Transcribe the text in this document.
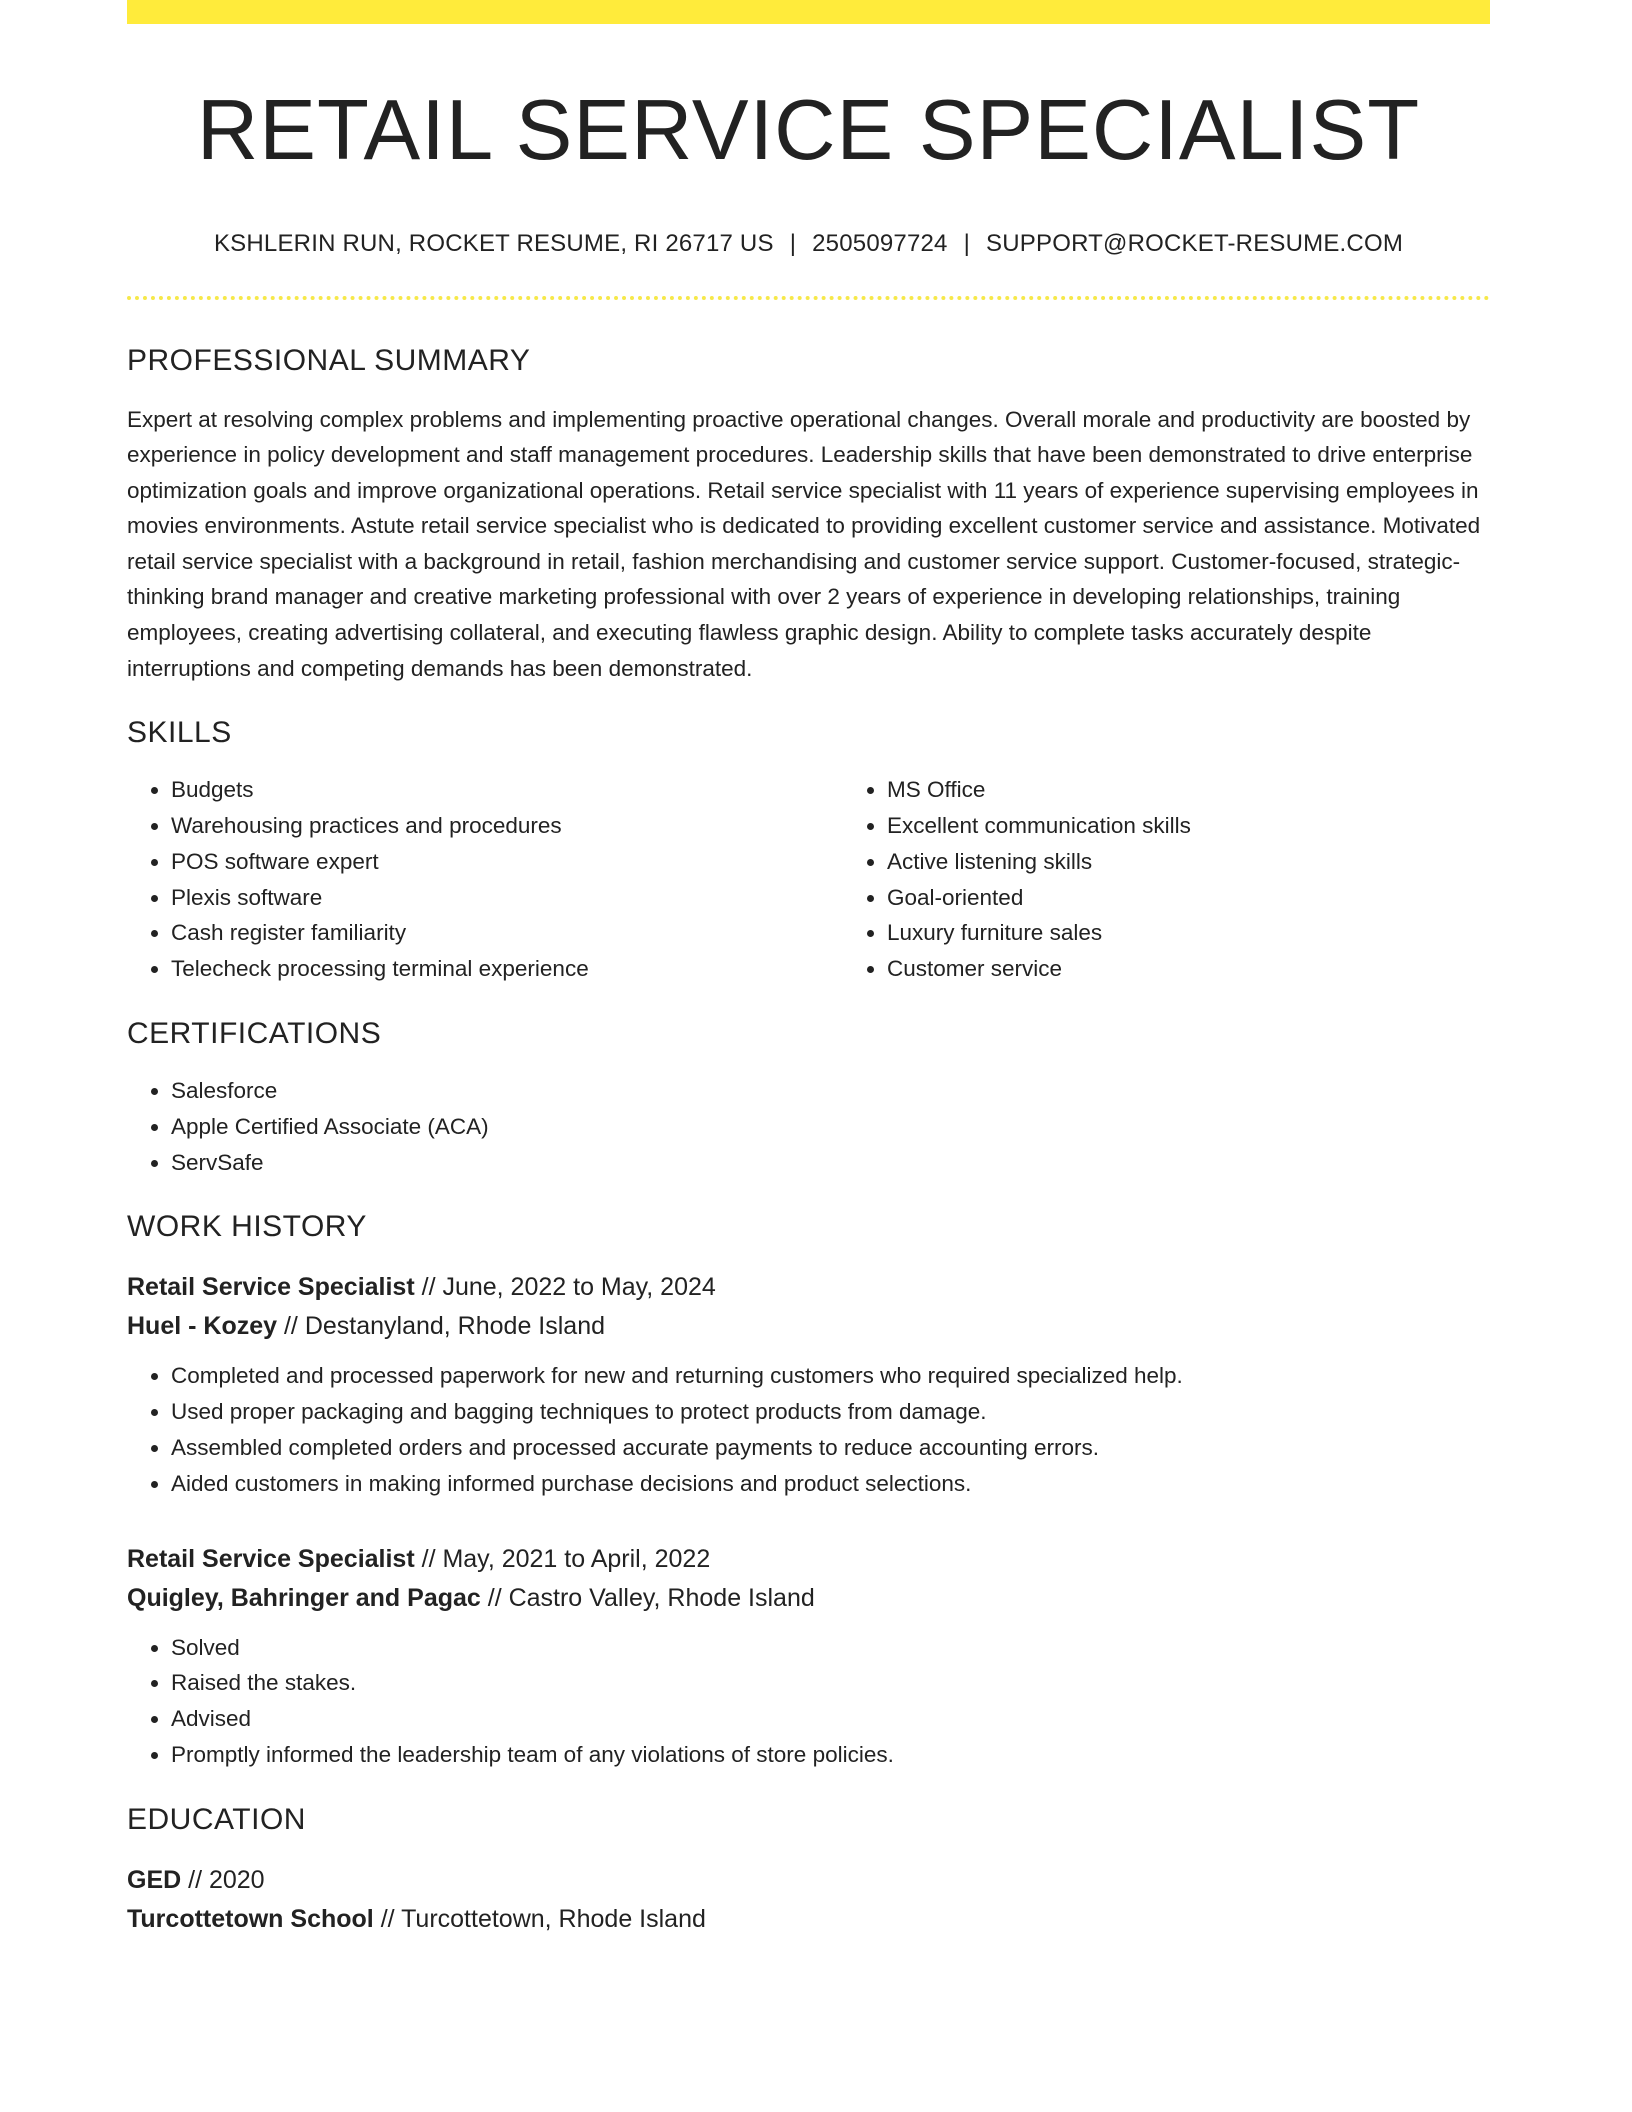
RETAIL SERVICE SPECIALIST
KSHLERIN RUN, ROCKET RESUME, RI 26717 US | 2505097724 | SUPPORT@ROCKET-RESUME.COM
PROFESSIONAL SUMMARY

Expert at resolving complex problems and implementing proactive operational changes. Overall morale and productivity are boosted by experience in policy development and staff management procedures. Leadership skills that have been demonstrated to drive enterprise optimization goals and improve organizational operations. Retail service specialist with 11 years of experience supervising employees in movies environments. Astute retail service specialist who is dedicated to providing excellent customer service and assistance. Motivated retail service specialist with a background in retail, fashion merchandising and customer service support. Customer-focused, strategic-thinking brand manager and creative marketing professional with over 2 years of experience in developing relationships, training employees, creating advertising collateral, and executing flawless graphic design. Ability to complete tasks accurately despite interruptions and competing demands has been demonstrated.

SKILLS
• Budgets
• Warehousing practices and procedures
• POS software expert
• Plexis software
• Cash register familiarity
• Telecheck processing terminal experience
• MS Office
• Excellent communication skills
• Active listening skills
• Goal-oriented
• Luxury furniture sales
• Customer service
CERTIFICATIONS
• Salesforce
• Apple Certified Associate (ACA)
• ServSafe
WORK HISTORY
Retail Service Specialist // June, 2022 to May, 2024
Huel - Kozey // Destanyland, Rhode Island
• Completed and processed paperwork for new and returning customers who required specialized help.
• Used proper packaging and bagging techniques to protect products from damage.
• Assembled completed orders and processed accurate payments to reduce accounting errors.
• Aided customers in making informed purchase decisions and product selections.
Retail Service Specialist // May, 2021 to April, 2022
Quigley, Bahringer and Pagac // Castro Valley, Rhode Island
• Solved
• Raised the stakes.
• Advised
• Promptly informed the leadership team of any violations of store policies.
EDUCATION
GED // 2020
Turcottetown School // Turcottetown, Rhode Island
